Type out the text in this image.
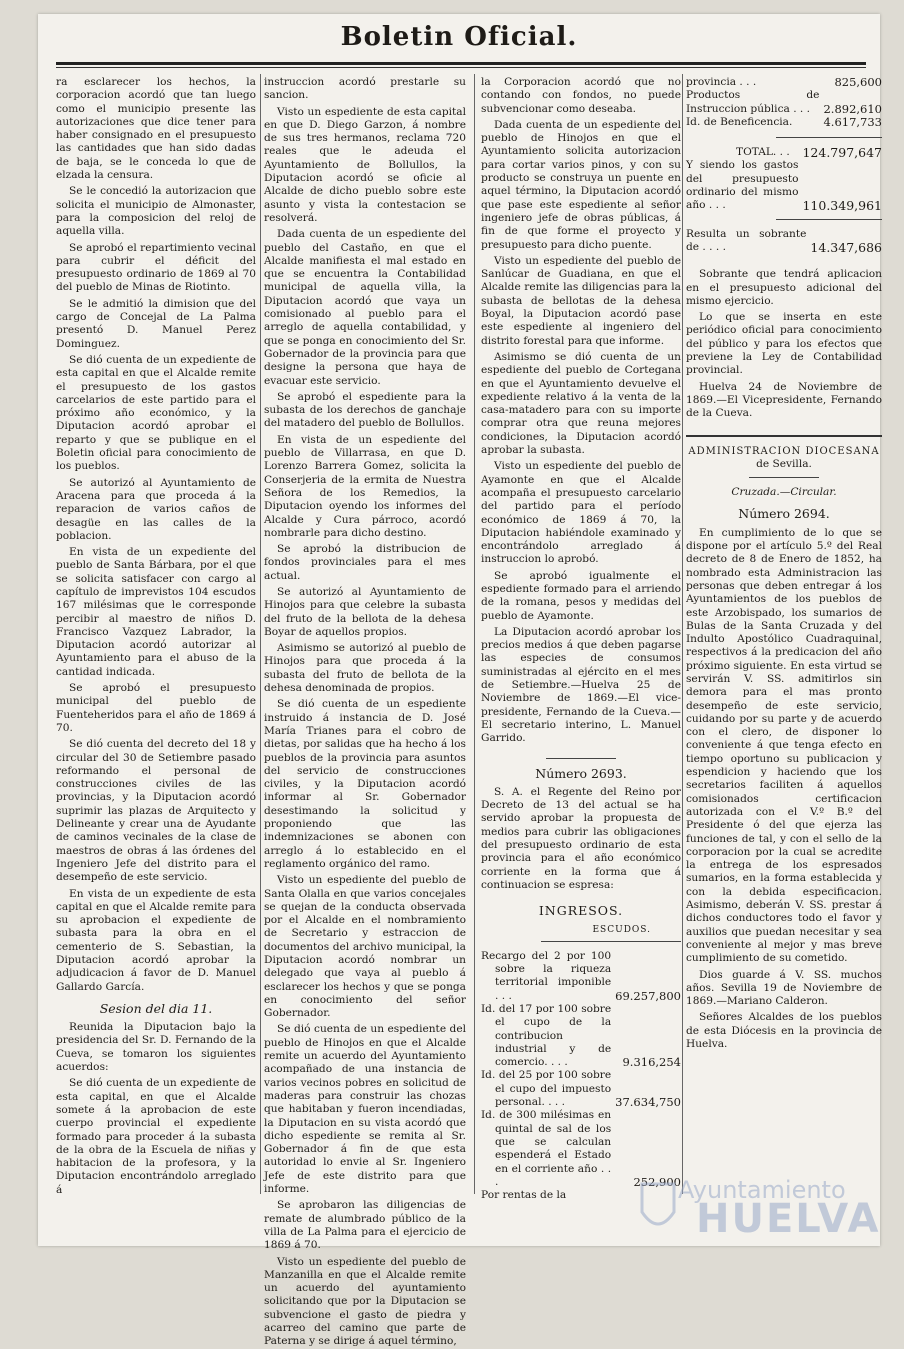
Boletin Oficial.

ra esclarecer los hechos, la corporacion acordó que tan luego como el municipio presente las autorizaciones que dice tener para haber consignado en el presupuesto las cantidades que han sido dadas de baja, se le conceda lo que de elzada la censura.

Se le concedió la autorizacion que solicita el municipio de Almonaster, para la composicion del reloj de aquella villa.

Se aprobó el repartimiento vecinal para cubrir el déficit del presupuesto ordinario de 1869 al 70 del pueblo de Minas de Riotinto.

Se le admitió la dimision que del cargo de Concejal de La Palma presentó D. Manuel Perez Dominguez.

Se dió cuenta de un expediente de esta capital en que el Alcalde remite el presupuesto de los gastos carcelarios de este partido para el próximo año económico, y la Diputacion acordó aprobar el reparto y que se publique en el Boletin oficial para conocimiento de los pueblos.

Se autorizó al Ayuntamiento de Aracena para que proceda á la reparacion de varios caños de desagüe en las calles de la poblacion.

En vista de un expediente del pueblo de Santa Bárbara, por el que se solicita satisfacer con cargo al capítulo de imprevistos 104 escudos 167 milésimas que le corresponde percibir al maestro de niños D. Francisco Vazquez Labrador, la Diputacion acordó autorizar al Ayuntamiento para el abuso de la cantidad indicada.

Se aprobó el presupuesto municipal del pueblo de Fuenteheridos para el año de 1869 á 70.

Se dió cuenta del decreto del 18 y circular del 30 de Setiembre pasado reformando el personal de construcciones civiles de las provincias, y la Diputacion acordó suprimir las plazas de Arquitecto y Delineante y crear una de Ayudante de caminos vecinales de la clase de maestros de obras á las órdenes del Ingeniero Jefe del distrito para el desempeño de este servicio.

En vista de un expediente de esta capital en que el Alcalde remite para su aprobacion el expediente de subasta para la obra en el cementerio de S. Sebastian, la Diputacion acordó aprobar la adjudicacion á favor de D. Manuel Gallardo García.

Sesion del dia 11.

Reunida la Diputacion bajo la presidencia del Sr. D. Fernando de la Cueva, se tomaron los siguientes acuerdos:

Se dió cuenta de un expediente de esta capital, en que el Alcalde somete á la aprobacion de este cuerpo provincial el expediente formado para proceder á la subasta de la obra de la Escuela de niñas y habitacion de la profesora, y la Diputacion encontrándolo arreglado á

instruccion acordó prestarle su sancion.

Visto un espediente de esta capital en que D. Diego Garzon, á nombre de sus tres hermanos, reclama 720 reales que le adeuda el Ayuntamiento de Bollullos, la Diputacion acordó se oficie al Alcalde de dicho pueblo sobre este asunto y vista la contestacion se resolverá.

Dada cuenta de un espediente del pueblo del Castaño, en que el Alcalde manifiesta el mal estado en que se encuentra la Contabilidad municipal de aquella villa, la Diputacion acordó que vaya un comisionado al pueblo para el arreglo de aquella contabilidad, y que se ponga en conocimiento del Sr. Gobernador de la provincia para que designe la persona que haya de evacuar este servicio.

Se aprobó el espediente para la subasta de los derechos de ganchaje del matadero del pueblo de Bollullos.

En vista de un espediente del pueblo de Villarrasa, en que D. Lorenzo Barrera Gomez, solicita la Conserjeria de la ermita de Nuestra Señora de los Remedios, la Diputacion oyendo los informes del Alcalde y Cura párroco, acordó nombrarle para dicho destino.

Se aprobó la distribucion de fondos provinciales para el mes actual.

Se autorizó al Ayuntamiento de Hinojos para que celebre la subasta del fruto de la bellota de la dehesa Boyar de aquellos propios.

Asimismo se autorizó al pueblo de Hinojos para que proceda á la subasta del fruto de bellota de la dehesa denominada de propios.

Se dió cuenta de un espediente instruido á instancia de D. José María Trianes para el cobro de dietas, por salidas que ha hecho á los pueblos de la provincia para asuntos del servicio de construcciones civiles, y la Diputacion acordó informar al Sr. Gobernador desestimando la solicitud y proponiendo que las indemnizaciones se abonen con arreglo á lo establecido en el reglamento orgánico del ramo.

Visto un espediente del pueblo de Santa Olalla en que varios concejales se quejan de la conducta observada por el Alcalde en el nombramiento de Secretario y estraccion de documentos del archivo municipal, la Diputacion acordó nombrar un delegado que vaya al pueblo á esclarecer los hechos y que se ponga en conocimiento del señor Gobernador.

Se dió cuenta de un espediente del pueblo de Hinojos en que el Alcalde remite un acuerdo del Ayuntamiento acompañado de una instancia de varios vecinos pobres en solicitud de maderas para construir las chozas que habitaban y fueron incendiadas, la Diputacion en su vista acordó que dicho espediente se remita al Sr. Gobernador á fin de que esta autoridad lo envie al Sr. Ingeniero Jefe de este distrito para que informe.

Se aprobaron las diligencias de remate de alumbrado público de la villa de La Palma para el ejercicio de 1869 á 70.

Visto un espediente del pueblo de Manzanilla en que el Alcalde remite un acuerdo del ayuntamiento solicitando que por la Diputacion se subvencione el gasto de piedra y acarreo del camino que parte de Paterna y se dirige á aquel término,

la Corporacion acordó que no contando con fondos, no puede subvencionar como deseaba.

Dada cuenta de un espediente del pueblo de Hinojos en que el Ayuntamiento solicita autorizacion para cortar varios pinos, y con su producto se construya un puente en aquel término, la Diputacion acordó que pase este espediente al señor ingeniero jefe de obras públicas, á fin de que forme el proyecto y presupuesto para dicho puente.

Visto un espediente del pueblo de Sanlúcar de Guadiana, en que el Alcalde remite las diligencias para la subasta de bellotas de la dehesa Boyal, la Diputacion acordó pase este espediente al ingeniero del distrito forestal para que informe.

Asimismo se dió cuenta de un espediente del pueblo de Cortegana en que el Ayuntamiento devuelve el expediente relativo á la venta de la casa-matadero para con su importe comprar otra que reuna mejores condiciones, la Diputacion acordó aprobar la subasta.

Visto un espediente del pueblo de Ayamonte en que el Alcalde acompaña el presupuesto carcelario del partido para el período económico de 1869 á 70, la Diputacion habiéndole examinado y encontrándolo arreglado á instruccion lo aprobó.

Se aprobó igualmente el espediente formado para el arriendo de la romana, pesos y medidas del pueblo de Ayamonte.

La Diputacion acordó aprobar los precios medios á que deben pagarse las especies de consumos suministradas al ejército en el mes de Setiembre.—Huelva 25 de Noviembre de 1869.—El vice-presidente, Fernando de la Cueva.—El secretario interino, L. Manuel Garrido.

Número 2693.

S. A. el Regente del Reino por Decreto de 13 del actual se ha servido aprobar la propuesta de medios para cubrir las obligaciones del presupuesto ordinario de esta provincia para el año económico corriente en la forma que á continuacion se espresa:

INGRESOS.
ESCUDOS.
Recargo del 2 por 100 sobre la riqueza territorial imponible . . .	69.257,800
Id. del 17 por 100 sobre el cupo de la contribucion industrial y de comercio. . . .	9.316,254
Id. del 25 por 100 sobre el cupo del impuesto personal. . . .	37.634,750
Id. de 300 milésimas en quintal de sal de los que se calculan espenderá el Estado en el corriente año . . .	252,900
Por rentas de la	
provincia . . .	825,600
Productos de Instruccion pública . . .	2.892,610
Id. de Beneficencia.	4.617,733
TOTAL. . .	124.797,647
Y siendo los gastos del presupuesto ordinario del mismo año . . .	110.349,961
Resulta un sobrante de . . . .	14.347,686

Sobrante que tendrá aplicacion en el presupuesto adicional del mismo ejercicio.

Lo que se inserta en este periódico oficial para conocimiento del público y para los efectos que previene la Ley de Contabilidad provincial.

Huelva 24 de Noviembre de 1869.—El Vicepresidente, Fernando de la Cueva.

ADMINISTRACION DIOCESANA
de Sevilla.
Cruzada.—Circular.
Número 2694.

En cumplimiento de lo que se dispone por el artículo 5.º del Real decreto de 8 de Enero de 1852, ha nombrado esta Administracion las personas que deben entregar á los Ayuntamientos de los pueblos de este Arzobispado, los sumarios de Bulas de la Santa Cruzada y del Indulto Apostólico Cuadraquinal, respectivos á la predicacion del año próximo siguiente. En esta virtud se servirán V. SS. admitirlos sin demora para el mas pronto desempeño de este servicio, cuidando por su parte y de acuerdo con el clero, de disponer lo conveniente á que tenga efecto en tiempo oportuno su publicacion y espendicion y haciendo que los secretarios faciliten á aquellos comisionados certificacion autorizada con el V.º B.º del Presidente ó del que ejerza las funciones de tal, y con el sello de la corporacion por la cual se acredite la entrega de los espresados sumarios, en la forma establecida y con la debida especificacion. Asimismo, deberán V. SS. prestar á dichos conductores todo el favor y auxilios que puedan necesitar y sea conveniente al mejor y mas breve cumplimiento de su cometido.

Dios guarde á V. SS. muchos años. Sevilla 19 de Noviembre de 1869.—Mariano Calderon.

Señores Alcaldes de los pueblos de esta Diócesis en la provincia de Huelva.

Ayuntamiento
HUELVA
